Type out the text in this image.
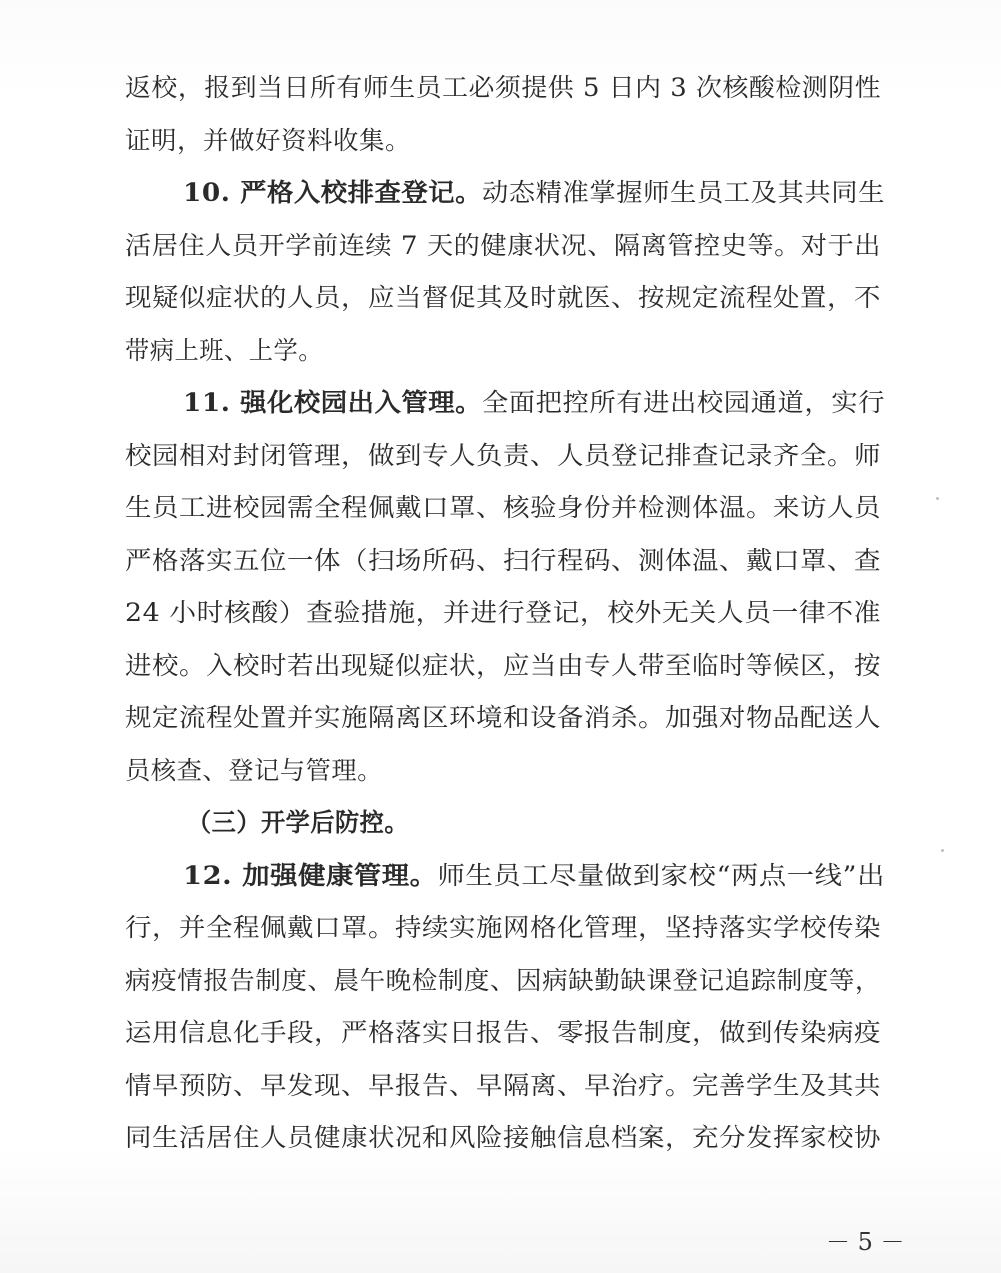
返校，报到当日所有师生员工必须提供 5 日内 3 次核酸检测阴性
证明，并做好资料收集。
10. 严格入校排查登记。动态精准掌握师生员工及其共同生
活居住人员开学前连续 7 天的健康状况、隔离管控史等。对于出
现疑似症状的人员，应当督促其及时就医、按规定流程处置，不
带病上班、上学。
11. 强化校园出入管理。全面把控所有进出校园通道，实行
校园相对封闭管理，做到专人负责、人员登记排查记录齐全。师
生员工进校园需全程佩戴口罩、核验身份并检测体温。来访人员
严格落实五位一体（扫场所码、扫行程码、测体温、戴口罩、查
24 小时核酸）查验措施，并进行登记，校外无关人员一律不准
进校。入校时若出现疑似症状，应当由专人带至临时等候区，按
规定流程处置并实施隔离区环境和设备消杀。加强对物品配送人
员核查、登记与管理。
（三）开学后防控。
12. 加强健康管理。师生员工尽量做到家校“两点一线”出
行，并全程佩戴口罩。持续实施网格化管理，坚持落实学校传染
病疫情报告制度、晨午晚检制度、因病缺勤缺课登记追踪制度等，
运用信息化手段，严格落实日报告、零报告制度，做到传染病疫
情早预防、早发现、早报告、早隔离、早治疗。完善学生及其共
同生活居住人员健康状况和风险接触信息档案，充分发挥家校协
－ 5 －
